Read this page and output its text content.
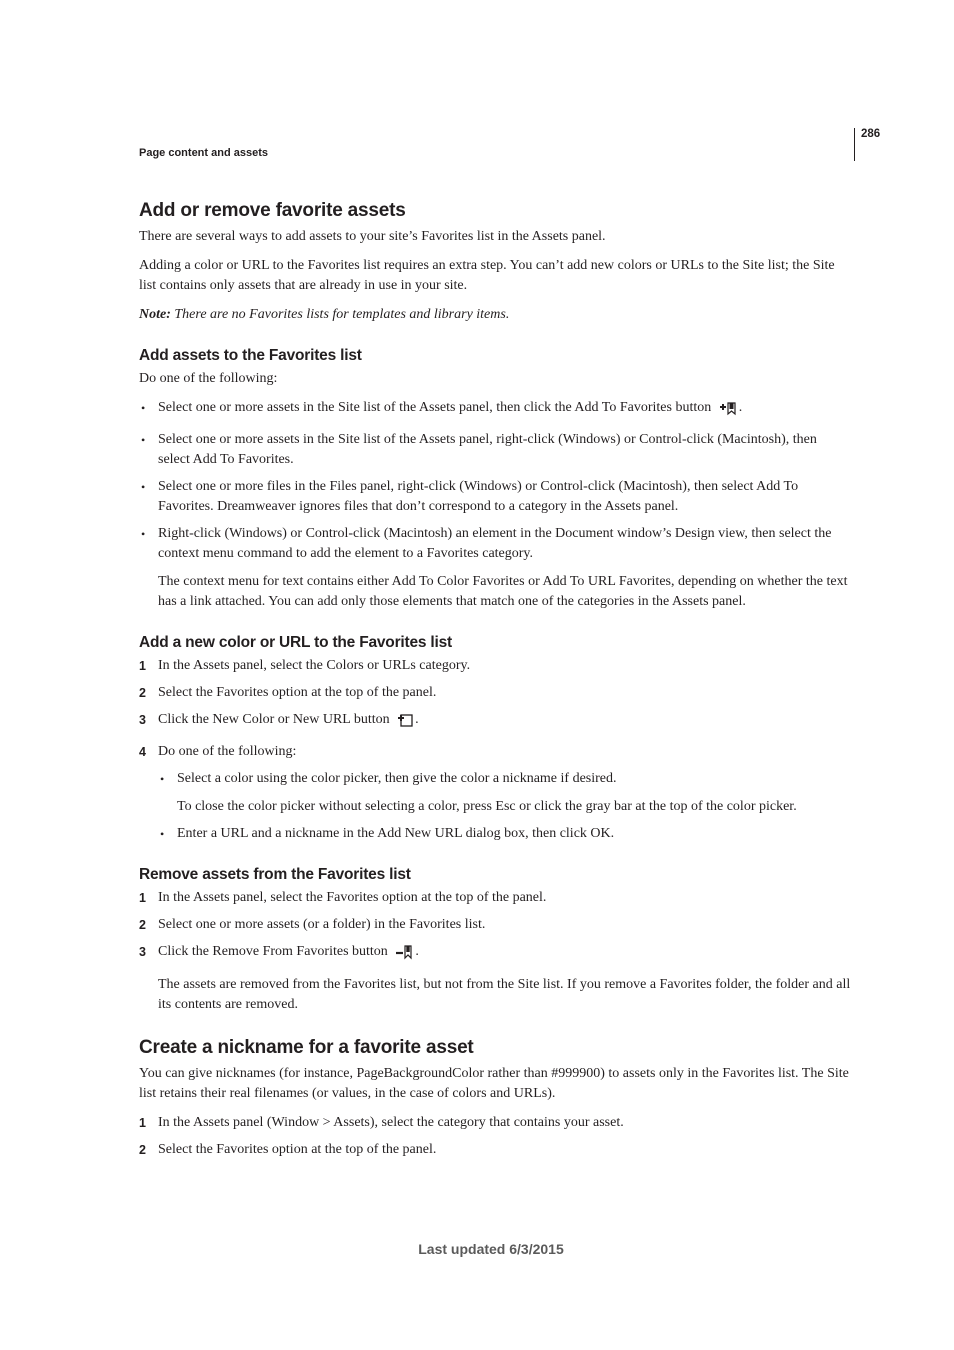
286
Page content and assets
Add or remove favorite assets

There are several ways to add assets to your site’s Favorites list in the Assets panel.

Adding a color or URL to the Favorites list requires an extra step. You can’t add new colors or URLs to the Site list; the Site list contains only assets that are already in use in your site.

Note: There are no Favorites lists for templates and library items.

Add assets to the Favorites list

Do one of the following:

• Select one or more assets in the Site list of the Assets panel, then click the Add To Favorites button .
• Select one or more assets in the Site list of the Assets panel, right-click (Windows) or Control-click (Macintosh), then select Add To Favorites.
• Select one or more files in the Files panel, right-click (Windows) or Control-click (Macintosh), then select Add To Favorites. Dreamweaver ignores files that don’t correspond to a category in the Assets panel.
• Right-click (Windows) or Control-click (Macintosh) an element in the Document window’s Design view, then select the context menu command to add the element to a Favorites category.

The context menu for text contains either Add To Color Favorites or Add To URL Favorites, depending on whether the text has a link attached. You can add only those elements that match one of the categories in the Assets panel.

Add a new color or URL to the Favorites list
1 In the Assets panel, select the Colors or URLs category.
2 Select the Favorites option at the top of the panel.
3 Click the New Color or New URL button .
4 Do one of the following:
• Select a color using the color picker, then give the color a nickname if desired.

To close the color picker without selecting a color, press Esc or click the gray bar at the top of the color picker.

• Enter a URL and a nickname in the Add New URL dialog box, then click OK.
Remove assets from the Favorites list
1 In the Assets panel, select the Favorites option at the top of the panel.
2 Select one or more assets (or a folder) in the Favorites list.
3 Click the Remove From Favorites button .

The assets are removed from the Favorites list, but not from the Site list. If you remove a Favorites folder, the folder and all its contents are removed.

Create a nickname for a favorite asset

You can give nicknames (for instance, PageBackgroundColor rather than #999900) to assets only in the Favorites list. The Site list retains their real filenames (or values, in the case of colors and URLs).

1 In the Assets panel (Window > Assets), select the category that contains your asset.
2 Select the Favorites option at the top of the panel.
Last updated 6/3/2015
